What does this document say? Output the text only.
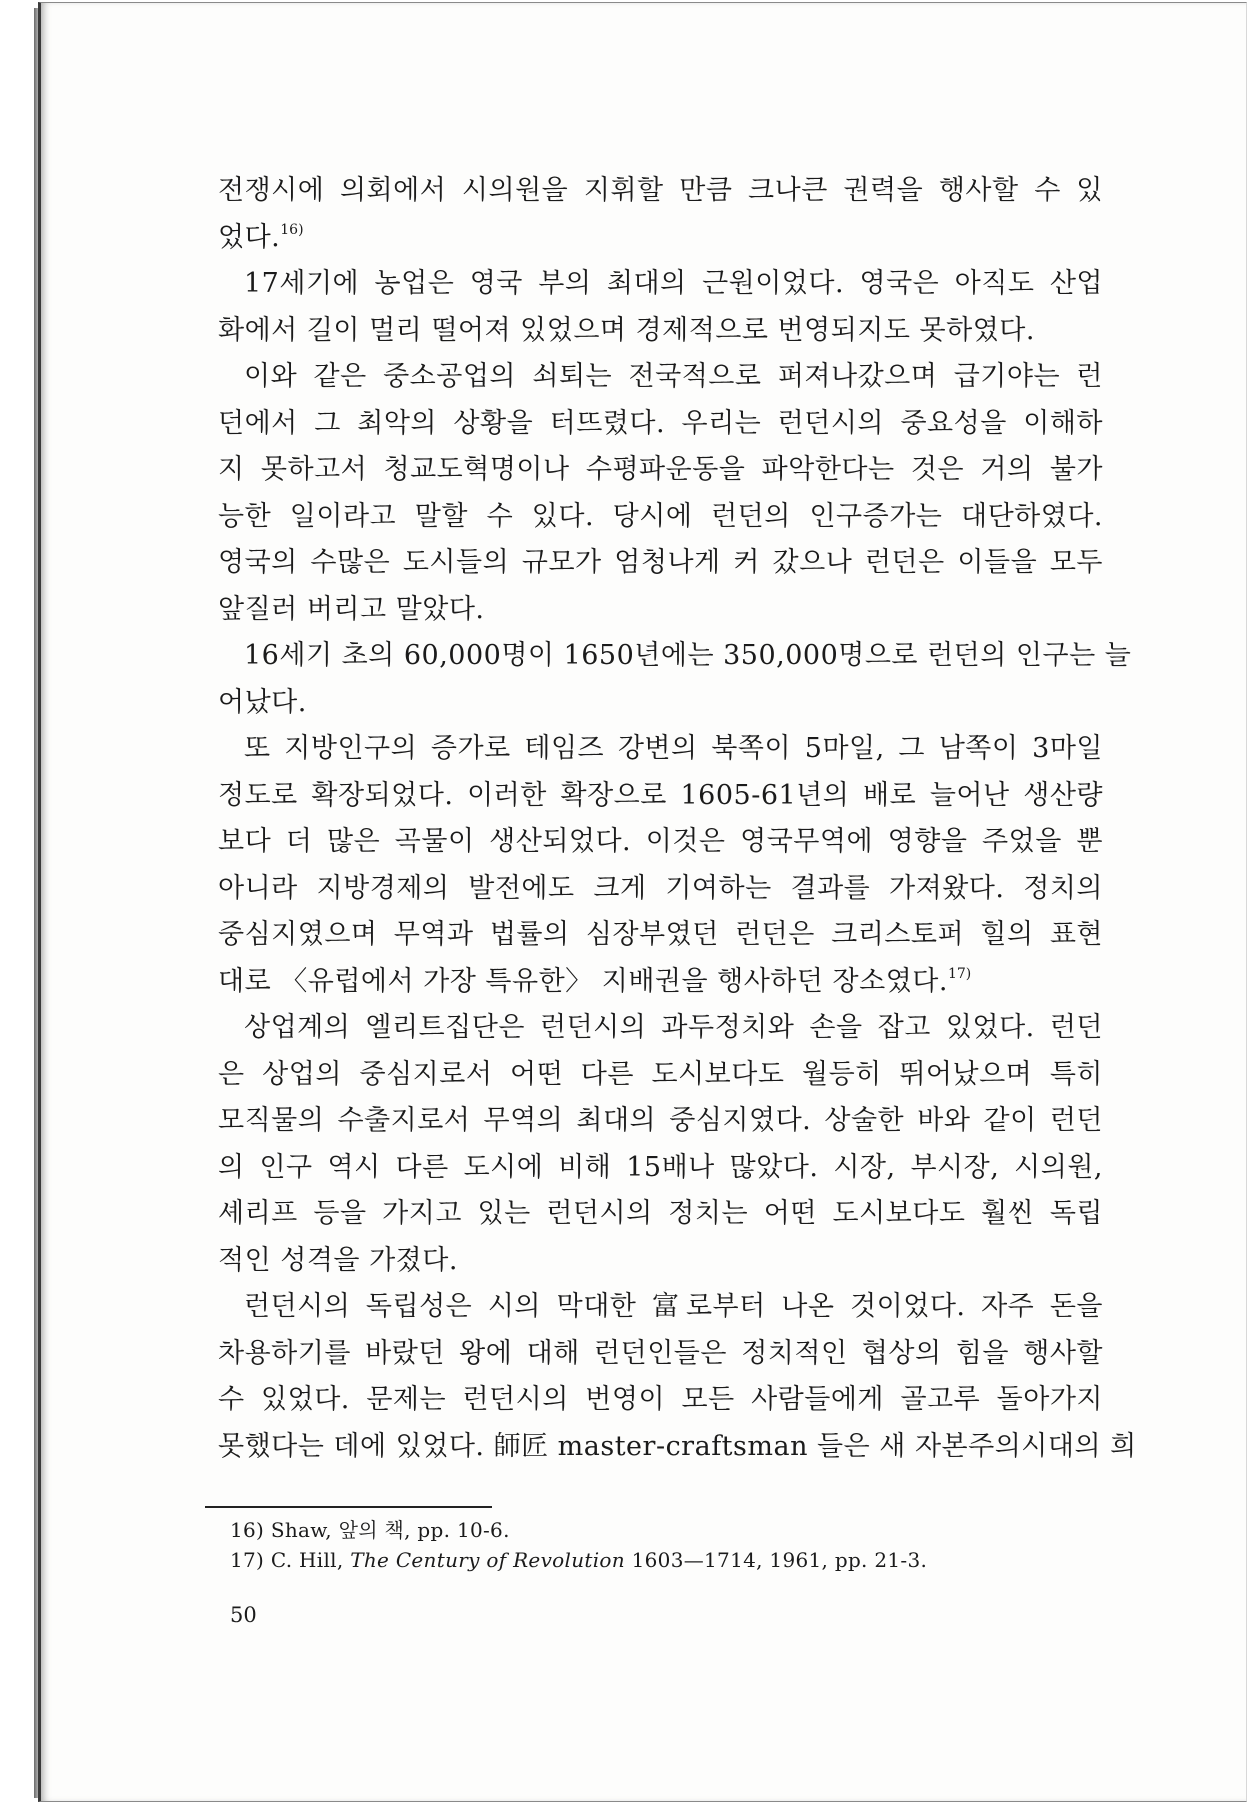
전쟁시에 의회에서 시의원을 지휘할 만큼 크나큰 권력을 행사할 수 있
었다.$^{16)}$
17세기에 농업은 영국 부의 최대의 근원이었다. 영국은 아직도 산업
화에서 길이 멀리 떨어져 있었으며 경제적으로 번영되지도 못하였다.
이와 같은 중소공업의 쇠퇴는 전국적으로 퍼져나갔으며 급기야는 런
던에서 그 최악의 상황을 터뜨렸다. 우리는 런던시의 중요성을 이해하
지 못하고서 청교도혁명이나 수평파운동을 파악한다는 것은 거의 불가
능한 일이라고 말할 수 있다. 당시에 런던의 인구증가는 대단하였다.
영국의 수많은 도시들의 규모가 엄청나게 커 갔으나 런던은 이들을 모두
앞질러 버리고 말았다.
16세기 초의 60,000명이 1650년에는 350,000명으로 런던의 인구는 늘
어났다.
또 지방인구의 증가로 테임즈 강변의 북쪽이 5마일, 그 남쪽이 3마일
정도로 확장되었다. 이러한 확장으로 1605-61년의 배로 늘어난 생산량
보다 더 많은 곡물이 생산되었다. 이것은 영국무역에 영향을 주었을 뿐
아니라 지방경제의 발전에도 크게 기여하는 결과를 가져왔다. 정치의
중심지였으며 무역과 법률의 심장부였던 런던은 크리스토퍼 힐의 표현
대로 〈유럽에서 가장 특유한〉 지배권을 행사하던 장소였다.$^{17)}$
상업계의 엘리트집단은 런던시의 과두정치와 손을 잡고 있었다. 런던
은 상업의 중심지로서 어떤 다른 도시보다도 월등히 뛰어났으며 특히
모직물의 수출지로서 무역의 최대의 중심지였다. 상술한 바와 같이 런던
의 인구 역시 다른 도시에 비해 15배나 많았다. 시장, 부시장, 시의원,
셰리프 등을 가지고 있는 런던시의 정치는 어떤 도시보다도 훨씬 독립
적인 성격을 가졌다.
런던시의 독립성은 시의 막대한 富로부터 나온 것이었다. 자주 돈을
차용하기를 바랐던 왕에 대해 런던인들은 정치적인 협상의 힘을 행사할
수 있었다. 문제는 런던시의 번영이 모든 사람들에게 골고루 돌아가지
못했다는 데에 있었다. 師匠 master-craftsman 들은 새 자본주의시대의 희
16) Shaw, 앞의 책, pp. 10-6.
17) C. Hill, The Century of Revolution 1603—1714, 1961, pp. 21-3.
50
